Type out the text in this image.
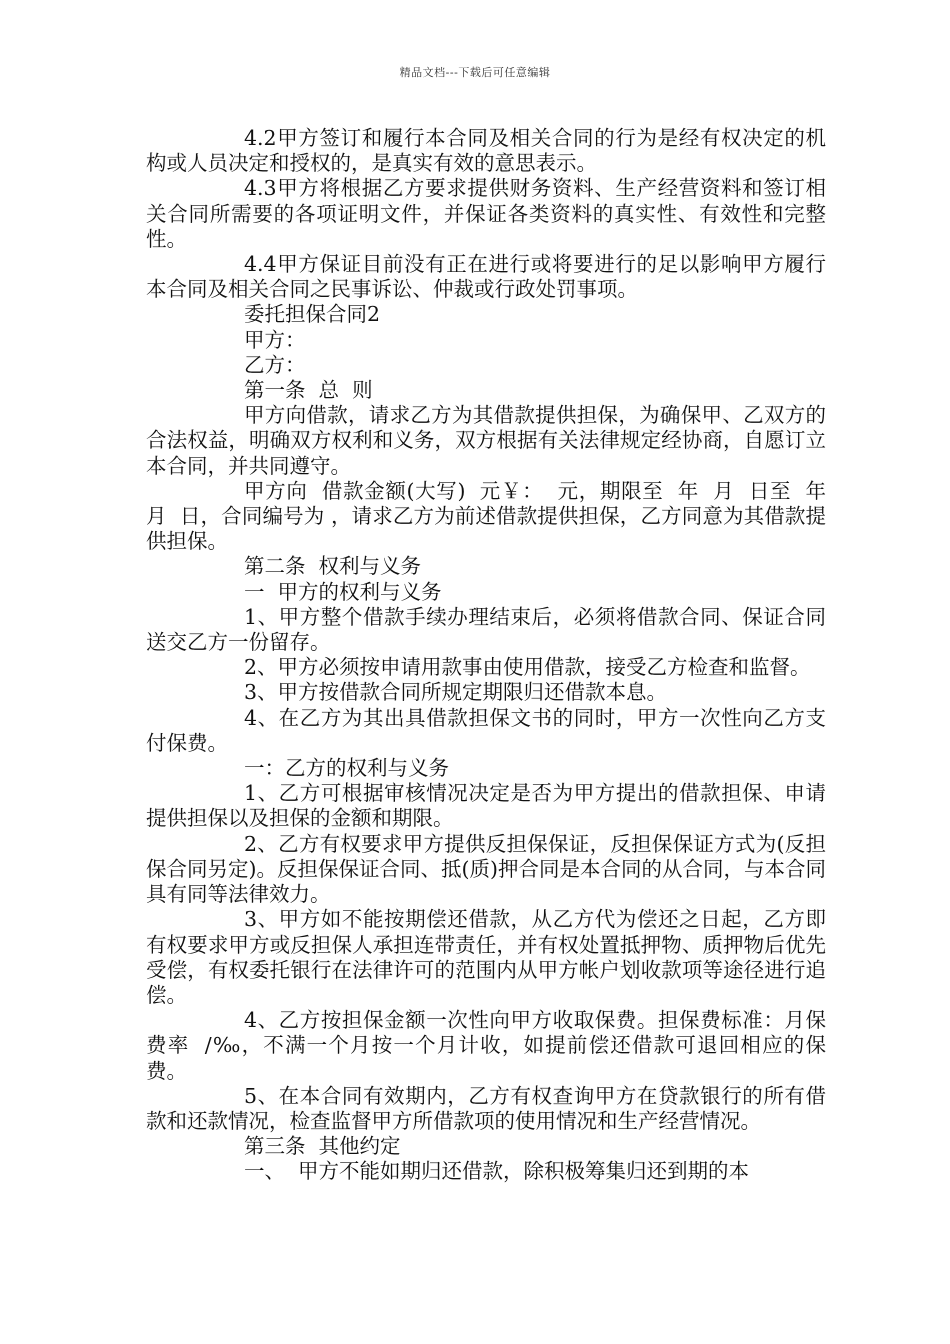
精品文档---下载后可任意编辑

4.2甲方签订和履行本合同及相关合同的行为是经有权决定的机构或人员决定和授权的，是真实有效的意思表示。

4.3甲方将根据乙方要求提供财务资料、生产经营资料和签订相关合同所需要的各项证明文件，并保证各类资料的真实性、有效性和完整性。

4.4甲方保证目前没有正在进行或将要进行的足以影响甲方履行本合同及相关合同之民事诉讼、仲裁或行政处罚事项。

委托担保合同2

甲方：

乙方：

第一条  总  则

甲方向借款，请求乙方为其借款提供担保，为确保甲、乙双方的合法权益，明确双方权利和义务，双方根据有关法律规定经协商，自愿订立本合同，并共同遵守。

甲方向  借款金额(大写)  元￥：  元，期限至  年  月  日至  年  月  日，合同编号为 ，请求乙方为前述借款提供担保，乙方同意为其借款提供担保。

第二条  权利与义务

一  甲方的权利与义务

1、甲方整个借款手续办理结束后，必须将借款合同、保证合同送交乙方一份留存。

2、甲方必须按申请用款事由使用借款，接受乙方检查和监督。

3、甲方按借款合同所规定期限归还借款本息。

4、在乙方为其出具借款担保文书的同时，甲方一次性向乙方支付保费。

一：乙方的权利与义务

1、乙方可根据审核情况决定是否为甲方提出的借款担保、申请提供担保以及担保的金额和期限。

2、乙方有权要求甲方提供反担保保证，反担保保证方式为(反担保合同另定)。反担保保证合同、抵(质)押合同是本合同的从合同，与本合同具有同等法律效力。

3、甲方如不能按期偿还借款，从乙方代为偿还之日起，乙方即有权要求甲方或反担保人承担连带责任，并有权处置抵押物、质押物后优先受偿，有权委托银行在法律许可的范围内从甲方帐户划收款项等途径进行追偿。

4、乙方按担保金额一次性向甲方收取保费。担保费标准：月保费率  /‰，不满一个月按一个月计收，如提前偿还借款可退回相应的保费。

5、在本合同有效期内，乙方有权查询甲方在贷款银行的所有借款和还款情况，检查监督甲方所借款项的使用情况和生产经营情况。

第三条  其他约定

一、  甲方不能如期归还借款，除积极筹集归还到期的本
